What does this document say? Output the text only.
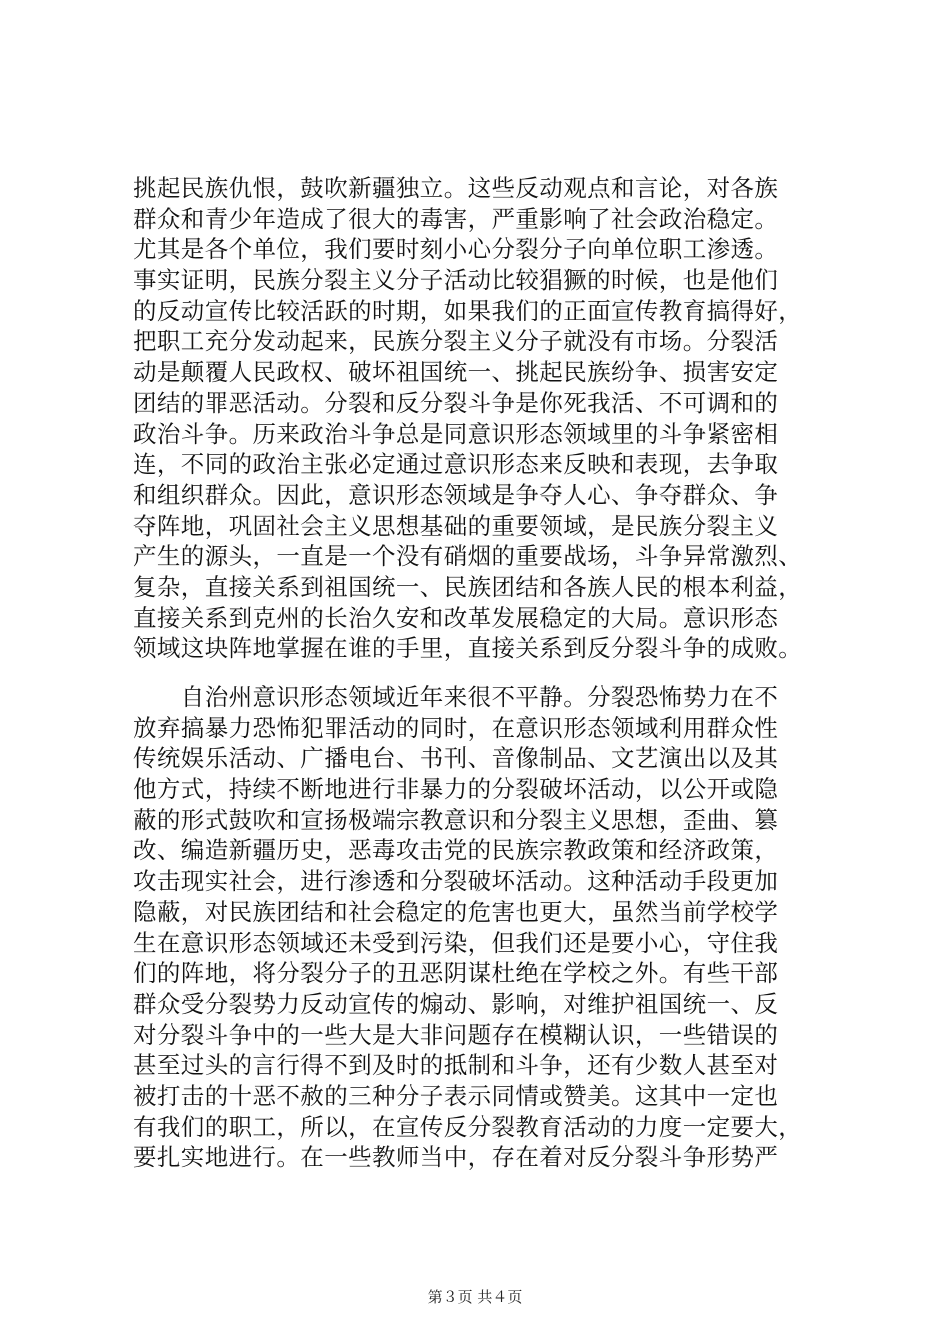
挑起民族仇恨，鼓吹新疆独立。这些反动观点和言论，对各族
群众和青少年造成了很大的毒害，严重影响了社会政治稳定。
尤其是各个单位，我们要时刻小心分裂分子向单位职工渗透。
事实证明，民族分裂主义分子活动比较猖獗的时候，也是他们
的反动宣传比较活跃的时期，如果我们的正面宣传教育搞得好，
把职工充分发动起来，民族分裂主义分子就没有市场。分裂活
动是颠覆人民政权、破坏祖国统一、挑起民族纷争、损害安定
团结的罪恶活动。分裂和反分裂斗争是你死我活、不可调和的
政治斗争。历来政治斗争总是同意识形态领域里的斗争紧密相
连，不同的政治主张必定通过意识形态来反映和表现，去争取
和组织群众。因此，意识形态领域是争夺人心、争夺群众、争
夺阵地，巩固社会主义思想基础的重要领域，是民族分裂主义
产生的源头，一直是一个没有硝烟的重要战场，斗争异常激烈、
复杂，直接关系到祖国统一、民族团结和各族人民的根本利益，
直接关系到克州的长治久安和改革发展稳定的大局。意识形态
领域这块阵地掌握在谁的手里，直接关系到反分裂斗争的成败。
　　自治州意识形态领域近年来很不平静。分裂恐怖势力在不
放弃搞暴力恐怖犯罪活动的同时，在意识形态领域利用群众性
传统娱乐活动、广播电台、书刊、音像制品、文艺演出以及其
他方式，持续不断地进行非暴力的分裂破坏活动，以公开或隐
蔽的形式鼓吹和宣扬极端宗教意识和分裂主义思想，歪曲、篡
改、编造新疆历史，恶毒攻击党的民族宗教政策和经济政策，
攻击现实社会，进行渗透和分裂破坏活动。这种活动手段更加
隐蔽，对民族团结和社会稳定的危害也更大，虽然当前学校学
生在意识形态领域还未受到污染，但我们还是要小心，守住我
们的阵地，将分裂分子的丑恶阴谋杜绝在学校之外。有些干部
群众受分裂势力反动宣传的煽动、影响，对维护祖国统一、反
对分裂斗争中的一些大是大非问题存在模糊认识，一些错误的
甚至过头的言行得不到及时的抵制和斗争，还有少数人甚至对
被打击的十恶不赦的三种分子表示同情或赞美。这其中一定也
有我们的职工，所以，在宣传反分裂教育活动的力度一定要大，
要扎实地进行。在一些教师当中，存在着对反分裂斗争形势严
第３页 共４页
